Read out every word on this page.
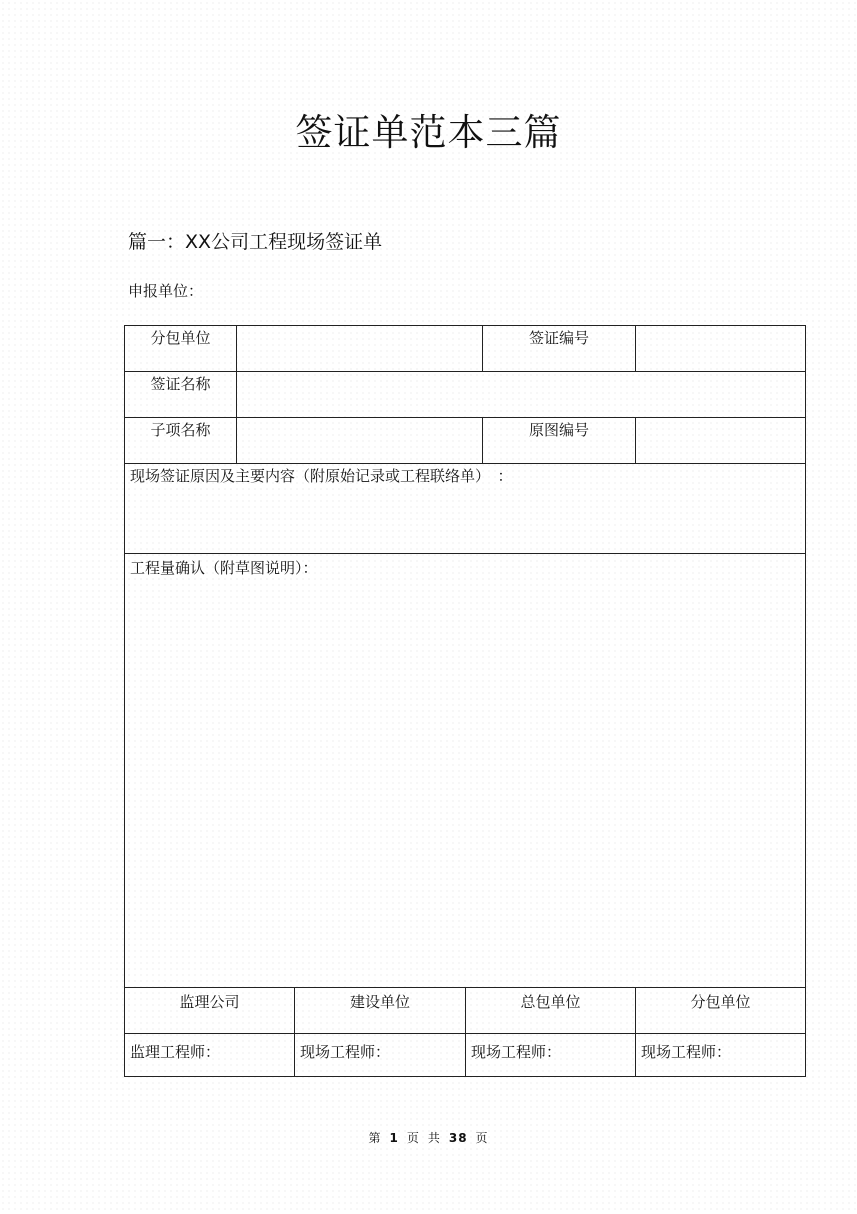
签证单范本三篇
篇一：XX公司工程现场签证单
申报单位：
分包单位	签证编号
签证名称
子项名称	原图编号
现场签证原因及主要内容（附原始记录或工程联络单）　：
工程量确认（附草图说明）：
监理公司	建设单位	总包单位	分包单位
监理工程师：	现场工程师：	现场工程师：	现场工程师：
第 1 页 共 38 页
